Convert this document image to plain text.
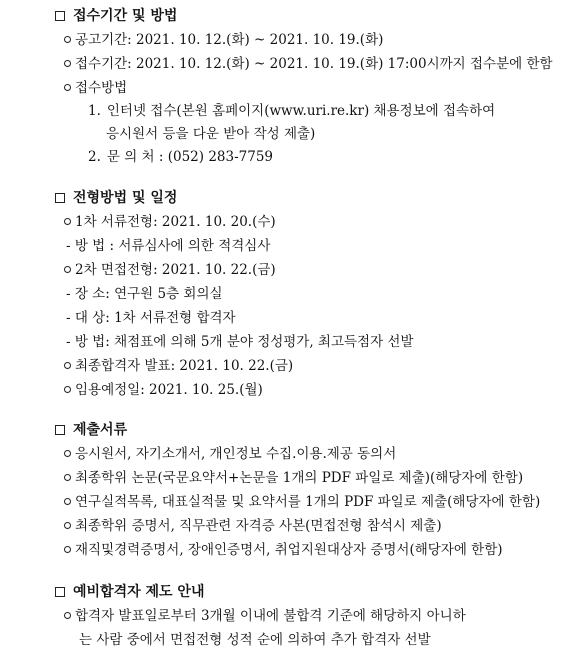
접수기간 및 방법
공고기간: 2021. 10. 12.(화) ~ 2021. 10. 19.(화)
접수기간: 2021. 10. 12.(화) ~ 2021. 10. 19.(화) 17:00시까지 접수분에 한함
접수방법
1. 인터넷 접수(본원 홈페이지(www.uri.re.kr) 채용정보에 접속하여
응시원서 등을 다운 받아 작성 제출)
2. 문 의 처 : (052) 283-7759
전형방법 및 일정
1차 서류전형: 2021. 10. 20.(수)
- 방 법 : 서류심사에 의한 적격심사
2차 면접전형: 2021. 10. 22.(금)
- 장 소: 연구원 5층 회의실
- 대 상: 1차 서류전형 합격자
- 방 법: 채점표에 의해 5개 분야 정성평가, 최고득점자 선발
최종합격자 발표: 2021. 10. 22.(금)
임용예정일: 2021. 10. 25.(월)
제출서류
응시원서, 자기소개서, 개인정보 수집.이용.제공 동의서
최종학위 논문(국문요약서+논문을 1개의 PDF 파일로 제출)(해당자에 한함)
연구실적목록, 대표실적물 및 요약서를 1개의 PDF 파일로 제출(해당자에 한함)
최종학위 증명서, 직무관련 자격증 사본(면접전형 참석시 제출)
재직및경력증명서, 장애인증명서, 취업지원대상자 증명서(해당자에 한함)
예비합격자 제도 안내
합격자 발표일로부터 3개월 이내에 불합격 기준에 해당하지 아니하
는 사람 중에서 면접전형 성적 순에 의하여 추가 합격자 선발
